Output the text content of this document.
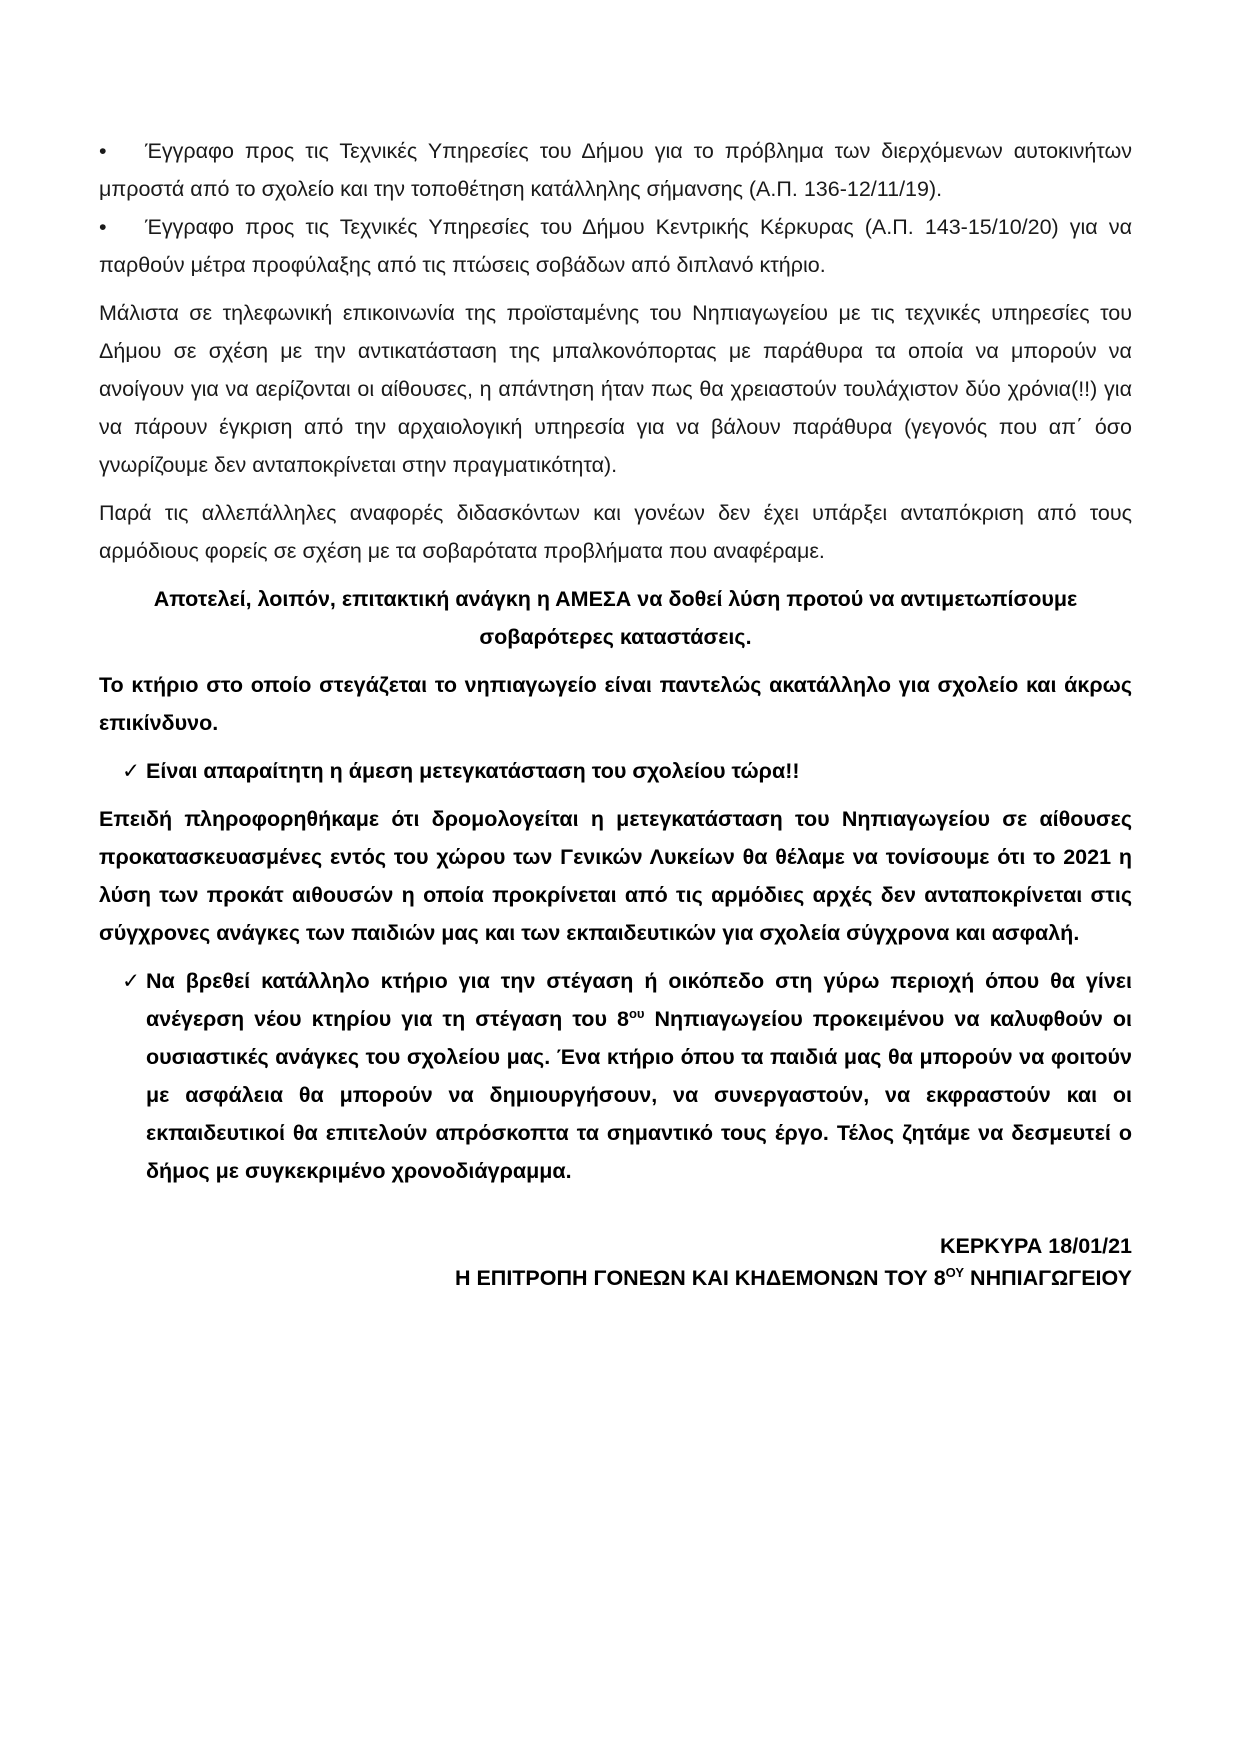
• Έγγραφο προς τις Τεχνικές Υπηρεσίες του Δήμου για το πρόβλημα των διερχόμενων αυτοκινήτων μπροστά από το σχολείο και την τοποθέτηση κατάλληλης σήμανσης (Α.Π. 136-12/11/19).

• Έγγραφο προς τις Τεχνικές Υπηρεσίες του Δήμου Κεντρικής Κέρκυρας (Α.Π. 143-15/10/20) για να παρθούν μέτρα προφύλαξης από τις πτώσεις σοβάδων από διπλανό κτήριο.

Μάλιστα σε τηλεφωνική επικοινωνία της προϊσταμένης του Νηπιαγωγείου με τις τεχνικές υπηρεσίες του Δήμου σε σχέση με την αντικατάσταση της μπαλκονόπορτας με παράθυρα τα οποία να μπορούν να ανοίγουν για να αερίζονται οι αίθουσες, η απάντηση ήταν πως θα χρειαστούν τουλάχιστον δύο χρόνια(!!) για να πάρουν έγκριση από την αρχαιολογική υπηρεσία για να βάλουν παράθυρα (γεγονός που απ΄ όσο γνωρίζουμε δεν ανταποκρίνεται στην πραγματικότητα).

Παρά τις αλλεπάλληλες αναφορές διδασκόντων και γονέων δεν έχει υπάρξει ανταπόκριση από τους αρμόδιους φορείς σε σχέση με τα σοβαρότατα προβλήματα που αναφέραμε.

Αποτελεί, λοιπόν, επιτακτική ανάγκη η ΑΜΕΣΑ να δοθεί λύση προτού να αντιμετωπίσουμε σοβαρότερες καταστάσεις.

Το κτήριο στο οποίο στεγάζεται το νηπιαγωγείο είναι παντελώς ακατάλληλο για σχολείο και άκρως επικίνδυνο.

✓ Είναι απαραίτητη η άμεση μετεγκατάσταση του σχολείου τώρα!!

Επειδή πληροφορηθήκαμε ότι δρομολογείται η μετεγκατάσταση του Νηπιαγωγείου σε αίθουσες προκατασκευασμένες εντός του χώρου των Γενικών Λυκείων θα θέλαμε να τονίσουμε ότι το 2021 η λύση των προκάτ αιθουσών η οποία προκρίνεται από τις αρμόδιες αρχές δεν ανταποκρίνεται στις σύγχρονες ανάγκες των παιδιών μας και των εκπαιδευτικών για σχολεία σύγχρονα και ασφαλή.

✓ Να βρεθεί κατάλληλο κτήριο για την στέγαση ή οικόπεδο στη γύρω περιοχή όπου θα γίνει ανέγερση νέου κτηρίου για τη στέγαση του $8^{o\upsilon}$ Νηπιαγωγείου προκειμένου να καλυφθούν οι ουσιαστικές ανάγκες του σχολείου μας. Ένα κτήριο όπου τα παιδιά μας θα μπορούν να φοιτούν με ασφάλεια θα μπορούν να δημιουργήσουν, να συνεργαστούν, να εκφραστούν και οι εκπαιδευτικοί θα επιτελούν απρόσκοπτα τα σημαντικό τους έργο. Τέλος ζητάμε να δεσμευτεί ο δήμος με συγκεκριμένο χρονοδιάγραμμα.

ΚΕΡΚΥΡΑ 18/01/21

Η ΕΠΙΤΡΟΠΗ ΓΟΝΕΩΝ ΚΑΙ ΚΗΔΕΜΟΝΩΝ ΤΟΥ $8^{O\Upsilon}$ ΝΗΠΙΑΓΩΓΕΙΟΥ
